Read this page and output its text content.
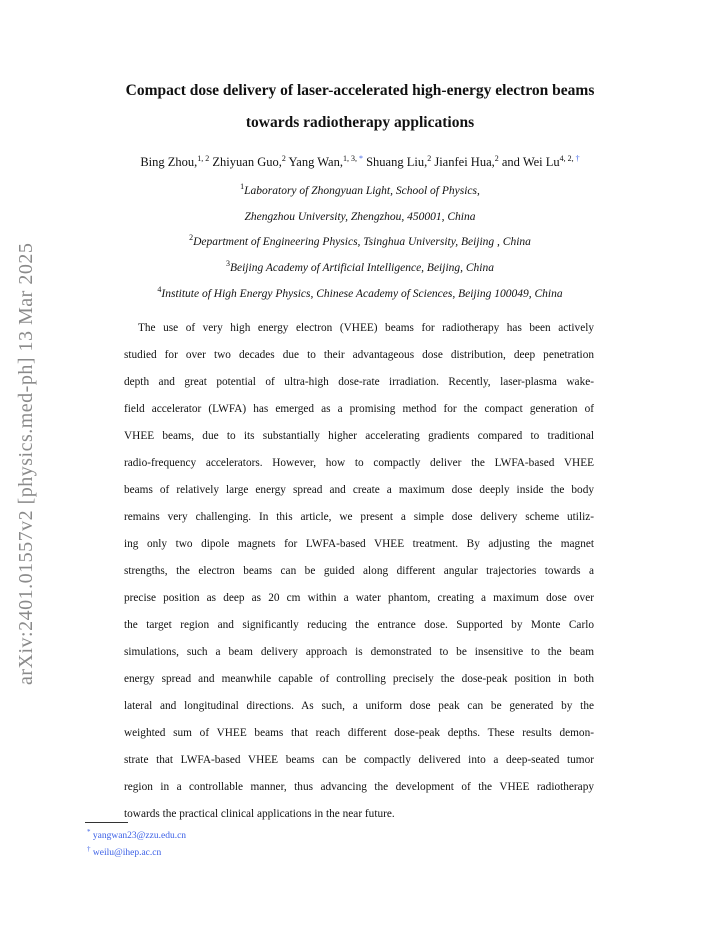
arXiv:2401.01557v2 [physics.med-ph] 13 Mar 2025
Compact dose delivery of laser-accelerated high-energy electron beams
towards radiotherapy applications
Bing Zhou,$^{1, 2}$ Zhiyuan Guo,$^2$ Yang Wan,$^{1, 3, *}$ Shuang Liu,$^2$ Jianfei Hua,$^2$ and Wei $Lu^{4, 2, \dagger}$
$^1$Laboratory of Zhongyuan Light, School of Physics,
Zhengzhou University, Zhengzhou, 450001, China
$^2$Department of Engineering Physics, Tsinghua University, Beijing , China
$^3$Beijing Academy of Artificial Intelligence, Beijing, China
$^4$Institute of High Energy Physics, Chinese Academy of Sciences, Beijing 100049, China
The use of very high energy electron (VHEE) beams for radiotherapy has been actively
studied for over two decades due to their advantageous dose distribution, deep penetration
depth and great potential of ultra-high dose-rate irradiation. Recently, laser-plasma wake-
field accelerator (LWFA) has emerged as a promising method for the compact generation of
VHEE beams, due to its substantially higher accelerating gradients compared to traditional
radio-frequency accelerators. However, how to compactly deliver the LWFA-based VHEE
beams of relatively large energy spread and create a maximum dose deeply inside the body
remains very challenging. In this article, we present a simple dose delivery scheme utiliz-
ing only two dipole magnets for LWFA-based VHEE treatment. By adjusting the magnet
strengths, the electron beams can be guided along different angular trajectories towards a
precise position as deep as 20 cm within a water phantom, creating a maximum dose over
the target region and significantly reducing the entrance dose. Supported by Monte Carlo
simulations, such a beam delivery approach is demonstrated to be insensitive to the beam
energy spread and meanwhile capable of controlling precisely the dose-peak position in both
lateral and longitudinal directions. As such, a uniform dose peak can be generated by the
weighted sum of VHEE beams that reach different dose-peak depths. These results demon-
strate that LWFA-based VHEE beams can be compactly delivered into a deep-seated tumor
region in a controllable manner, thus advancing the development of the VHEE radiotherapy
towards the practical clinical applications in the near future.
* yangwan23@zzu.edu.cn
† weilu@ihep.ac.cn
